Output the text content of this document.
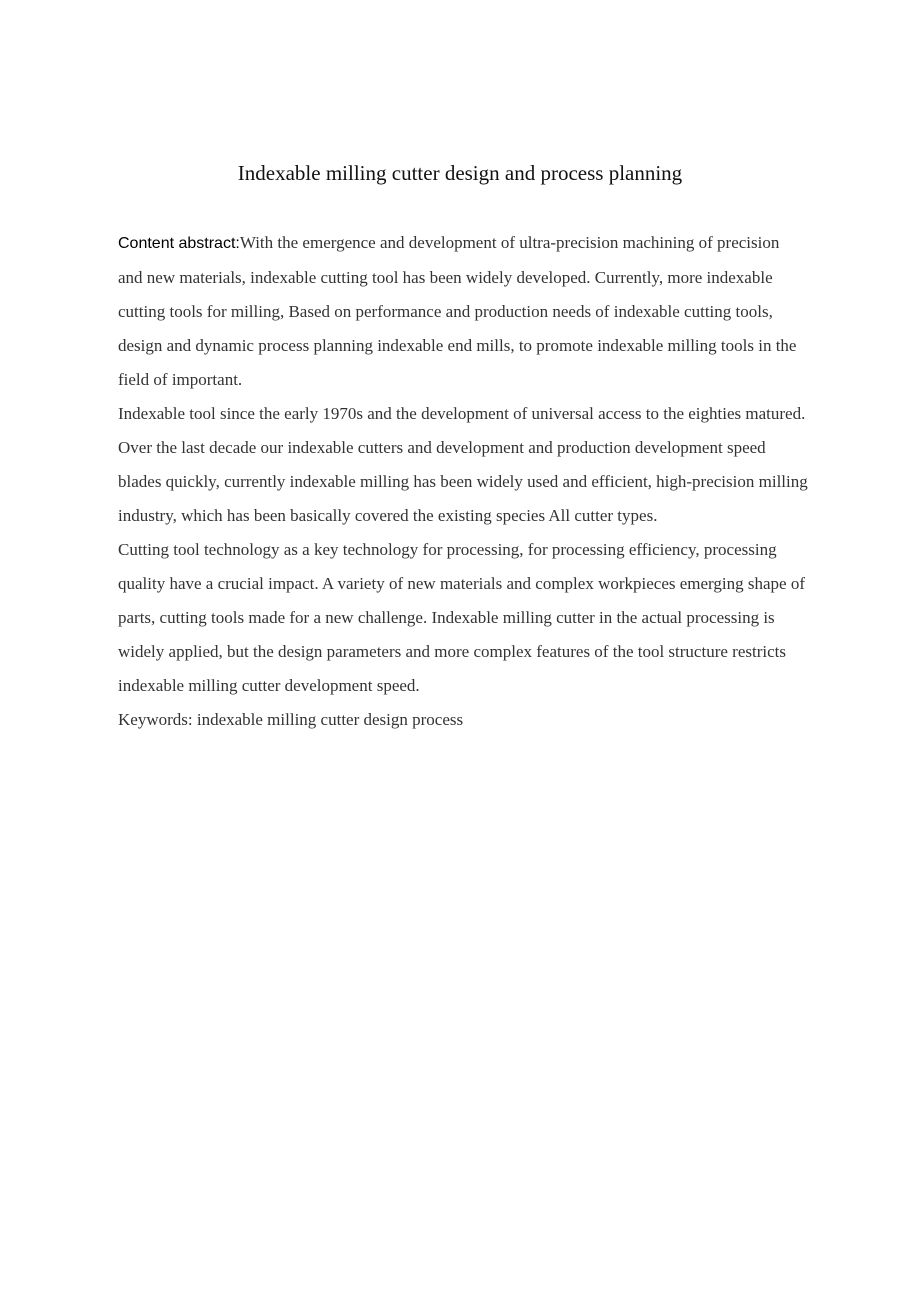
Indexable milling cutter design and process planning

Content abstract:With the emergence and development of ultra-precision machining of precision and new materials, indexable cutting tool has been widely developed. Currently, more indexable cutting tools for milling, Based on performance and production needs of indexable cutting tools, design and dynamic process planning indexable end mills, to promote indexable milling tools in the field of important.

Indexable tool since the early 1970s and the development of universal access to the eighties matured. Over the last decade our indexable cutters and development and production development speed blades quickly, currently indexable milling has been widely used and efficient, high-precision milling industry, which has been basically covered the existing species All cutter types.

Cutting tool technology as a key technology for processing, for processing efficiency, processing quality have a crucial impact. A variety of new materials and complex workpieces emerging shape of parts, cutting tools made for a new challenge. Indexable milling cutter in the actual processing is widely applied, but the design parameters and more complex features of the tool structure restricts indexable milling cutter development speed.

Keywords: indexable milling cutter design process
